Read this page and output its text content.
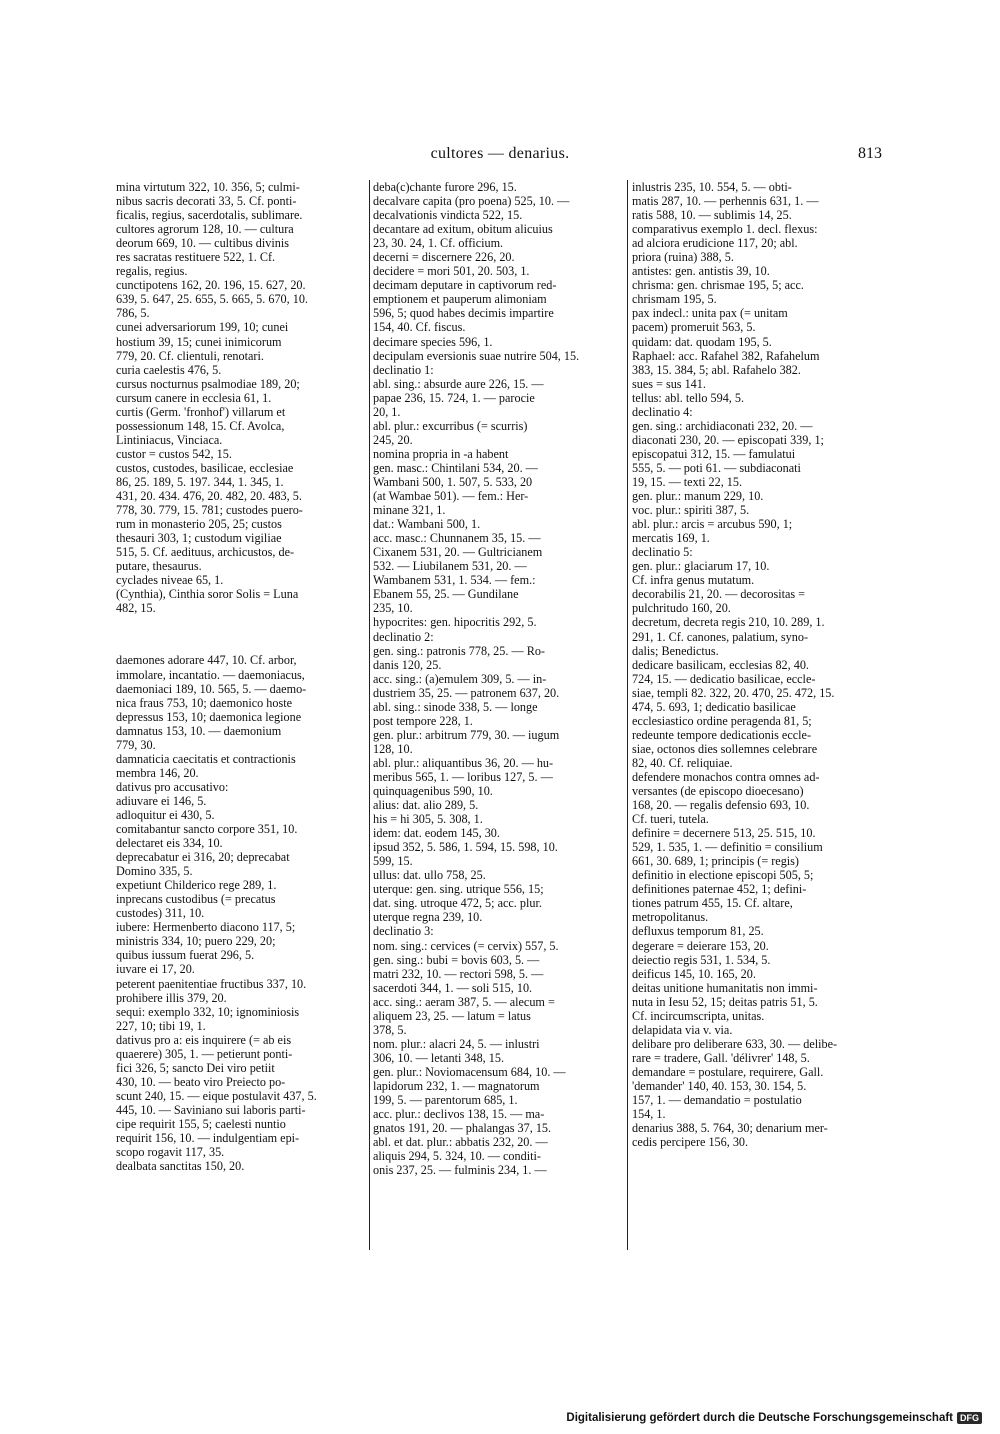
cultores — denarius.	813
mina virtutum 322, 10. 356, 5; culmi-
nibus sacris decorati 33, 5. Cf. ponti-
ficalis, regius, sacerdotalis, sublimare.
cultores agrorum 128, 10. — cultura
deorum 669, 10. — cultibus divinis
res sacratas restituere 522, 1. Cf.
regalis, regius.
cunctipotens 162, 20. 196, 15. 627, 20.
639, 5. 647, 25. 655, 5. 665, 5. 670, 10.
786, 5.
cunei adversariorum 199, 10; cunei
hostium 39, 15; cunei inimicorum
779, 20. Cf. clientuli, renotari.
curia caelestis 476, 5.
cursus nocturnus psalmodiae 189, 20;
cursum canere in ecclesia 61, 1.
curtis (Germ. 'fronhof') villarum et
possessionum 148, 15. Cf. Avolca,
Lintiniacus, Vinciaca.
custor = custos 542, 15.
custos, custodes, basilicae, ecclesiae
86, 25. 189, 5. 197. 344, 1. 345, 1.
431, 20. 434. 476, 20. 482, 20. 483, 5.
778, 30. 779, 15. 781; custodes puero-
rum in monasterio 205, 25; custos
thesauri 303, 1; custodum vigiliae
515, 5. Cf. aedituus, archicustos, de-
putare, thesaurus.
cyclades niveae 65, 1.
(Cynthia), Cinthia soror Solis = Luna
482, 15.
daemones adorare 447, 10. Cf. arbor,
immolare, incantatio. — daemoniacus,
daemoniaci 189, 10. 565, 5. — daemo-
nica fraus 753, 10; daemonico hoste
depressus 153, 10; daemonica legione
damnatus 153, 10. — daemonium
779, 30.
damnaticia caecitatis et contractionis
membra 146, 20.
dativus pro accusativo:
adiuvare ei 146, 5.
adloquitur ei 430, 5.
comitabantur sancto corpore 351, 10.
delectaret eis 334, 10.
deprecabatur ei 316, 20; deprecabat
Domino 335, 5.
expetiunt Childerico rege 289, 1.
inprecans custodibus (= precatus
custodes) 311, 10.
iubere: Hermenberto diacono 117, 5;
ministris 334, 10; puero 229, 20;
quibus iussum fuerat 296, 5.
iuvare ei 17, 20.
peterent paenitentiae fructibus 337, 10.
prohibere illis 379, 20.
sequi: exemplo 332, 10; ignominiosis
227, 10; tibi 19, 1.
dativus pro a: eis inquirere (= ab eis
quaerere) 305, 1. — petierunt ponti-
fici 326, 5; sancto Dei viro petiit
430, 10. — beato viro Preiecto po-
scunt 240, 15. — eique postulavit 437, 5.
445, 10. — Saviniano sui laboris parti-
cipe requirit 155, 5; caelesti nuntio
requirit 156, 10. — indulgentiam epi-
scopo rogavit 117, 35.
dealbata sanctitas 150, 20.
deba(c)chante furore 296, 15.
decalvare capita (pro poena) 525, 10. —
decalvationis vindicta 522, 15.
decantare ad exitum, obitum alicuius
23, 30. 24, 1. Cf. officium.
decerni = discernere 226, 20.
decidere = mori 501, 20. 503, 1.
decimam deputare in captivorum red-
emptionem et pauperum alimoniam
596, 5; quod habes decimis impartire
154, 40. Cf. fiscus.
decimare species 596, 1.
decipulam eversionis suae nutrire 504, 15.
declinatio 1:
abl. sing.: absurde aure 226, 15. —
papae 236, 15. 724, 1. — parocie
20, 1.
abl. plur.: excurribus (= scurris)
245, 20.
nomina propria in -a habent
gen. masc.: Chintilani 534, 20. —
Wambani 500, 1. 507, 5. 533, 20
(at Wambae 501). — fem.: Her-
minane 321, 1.
dat.: Wambani 500, 1.
acc. masc.: Chunnanem 35, 15. —
Cixanem 531, 20. — Gultricianem
532. — Liubilanem 531, 20. —
Wambanem 531, 1. 534. — fem.:
Ebanem 55, 25. — Gundilane
235, 10.
hypocrites: gen. hipocritis 292, 5.
declinatio 2:
gen. sing.: patronis 778, 25. — Ro-
danis 120, 25.
acc. sing.: (a)emulem 309, 5. — in-
dustriem 35, 25. — patronem 637, 20.
abl. sing.: sinode 338, 5. — longe
post tempore 228, 1.
gen. plur.: arbitrum 779, 30. — iugum
128, 10.
abl. plur.: aliquantibus 36, 20. — hu-
meribus 565, 1. — loribus 127, 5. —
quinquagenibus 590, 10.
alius: dat. alio 289, 5.
his = hi 305, 5. 308, 1.
idem: dat. eodem 145, 30.
ipsud 352, 5. 586, 1. 594, 15. 598, 10.
599, 15.
ullus: dat. ullo 758, 25.
uterque: gen. sing. utrique 556, 15;
dat. sing. utroque 472, 5; acc. plur.
uterque regna 239, 10.
declinatio 3:
nom. sing.: cervices (= cervix) 557, 5.
gen. sing.: bubi = bovis 603, 5. —
matri 232, 10. — rectori 598, 5. —
sacerdoti 344, 1. — soli 515, 10.
acc. sing.: aeram 387, 5. — alecum =
aliquem 23, 25. — latum = latus
378, 5.
nom. plur.: alacri 24, 5. — inlustri
306, 10. — letanti 348, 15.
gen. plur.: Noviomacensum 684, 10. —
lapidorum 232, 1. — magnatorum
199, 5. — parentorum 685, 1.
acc. plur.: declivos 138, 15. — ma-
gnatos 191, 20. — phalangas 37, 15.
abl. et dat. plur.: abbatis 232, 20. —
aliquis 294, 5. 324, 10. — conditi-
onis 237, 25. — fulminis 234, 1. —
inlustris 235, 10. 554, 5. — obti-
matis 287, 10. — perhennis 631, 1. —
ratis 588, 10. — sublimis 14, 25.
comparativus exemplo 1. decl. flexus:
ad alciora erudicione 117, 20; abl.
priora (ruina) 388, 5.
antistes: gen. antistis 39, 10.
chrisma: gen. chrismae 195, 5; acc.
chrismam 195, 5.
pax indecl.: unita pax (= unitam
pacem) promeruit 563, 5.
quidam: dat. quodam 195, 5.
Raphael: acc. Rafahel 382, Rafahelum
383, 15. 384, 5; abl. Rafahelo 382.
sues = sus 141.
tellus: abl. tello 594, 5.
declinatio 4:
gen. sing.: archidiaconati 232, 20. —
diaconati 230, 20. — episcopati 339, 1;
episcopatui 312, 15. — famulatui
555, 5. — poti 61. — subdiaconati
19, 15. — texti 22, 15.
gen. plur.: manum 229, 10.
voc. plur.: spiriti 387, 5.
abl. plur.: arcis = arcubus 590, 1;
mercatis 169, 1.
declinatio 5:
gen. plur.: glaciarum 17, 10.
Cf. infra genus mutatum.
decorabilis 21, 20. — decorositas =
pulchritudo 160, 20.
decretum, decreta regis 210, 10. 289, 1.
291, 1. Cf. canones, palatium, syno-
dalis; Benedictus.
dedicare basilicam, ecclesias 82, 40.
724, 15. — dedicatio basilicae, eccle-
siae, templi 82. 322, 20. 470, 25. 472, 15.
474, 5. 693, 1; dedicatio basilicae
ecclesiastico ordine peragenda 81, 5;
redeunte tempore dedicationis eccle-
siae, octonos dies sollemnes celebrare
82, 40. Cf. reliquiae.
defendere monachos contra omnes ad-
versantes (de episcopo dioecesano)
168, 20. — regalis defensio 693, 10.
Cf. tueri, tutela.
definire = decernere 513, 25. 515, 10.
529, 1. 535, 1. — definitio = consilium
661, 30. 689, 1; principis (= regis)
definitio in electione episcopi 505, 5;
definitiones paternae 452, 1; defini-
tiones patrum 455, 15. Cf. altare,
metropolitanus.
defluxus temporum 81, 25.
degerare = deierare 153, 20.
deiectio regis 531, 1. 534, 5.
deificus 145, 10. 165, 20.
deitas unitione humanitatis non immi-
nuta in Iesu 52, 15; deitas patris 51, 5.
Cf. incircumscripta, unitas.
delapidata via v. via.
delibare pro deliberare 633, 30. — delibe-
rare = tradere, Gall. 'délivrer' 148, 5.
demandare = postulare, requirere, Gall.
'demander' 140, 40. 153, 30. 154, 5.
157, 1. — demandatio = postulatio
154, 1.
denarius 388, 5. 764, 30; denarium mer-
cedis percipere 156, 30.
Digitalisierung gefördert durch die Deutsche Forschungsgemeinschaft DFG
